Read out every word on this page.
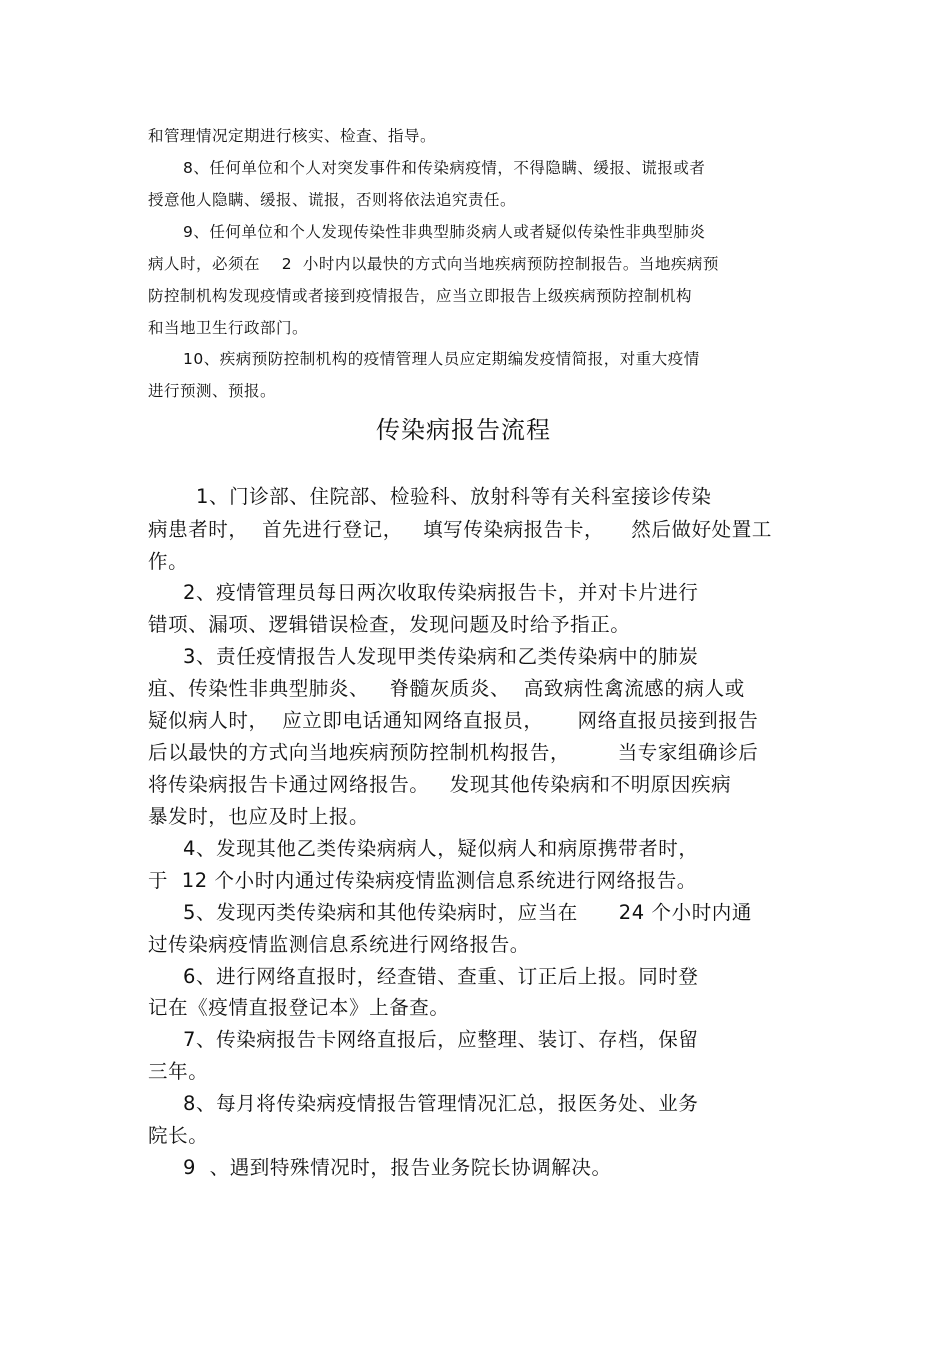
和管理情况定期进行核实、检查、指导。
8、任何单位和个人对突发事件和传染病疫情，不得隐瞒、缓报、谎报或者
授意他人隐瞒、缓报、谎报，否则将依法追究责任。
9、任何单位和个人发现传染性非典型肺炎病人或者疑似传染性非典型肺炎
病人时，必须在    2  小时内以最快的方式向当地疾病预防控制报告。当地疾病预
防控制机构发现疫情或者接到疫情报告，应当立即报告上级疾病预防控制机构
和当地卫生行政部门。
10、疾病预防控制机构的疫情管理人员应定期编发疫情简报，对重大疫情
进行预测、预报。
传染病报告流程
1、门诊部、住院部、检验科、放射科等有关科室接诊传染
病患者时，  首先进行登记，   填写传染病报告卡，    然后做好处置工
作。
2、疫情管理员每日两次收取传染病报告卡，并对卡片进行
错项、漏项、逻辑错误检查，发现问题及时给予指正。
3、责任疫情报告人发现甲类传染病和乙类传染病中的肺炭
疽、传染性非典型肺炎、   脊髓灰质炎、  高致病性禽流感的病人或
疑似病人时，  应立即电话通知网络直报员，     网络直报员接到报告
后以最快的方式向当地疾病预防控制机构报告，       当专家组确诊后
将传染病报告卡通过网络报告。   发现其他传染病和不明原因疾病
暴发时，也应及时上报。
4、发现其他乙类传染病病人，疑似病人和病原携带者时，
于  12 个小时内通过传染病疫情监测信息系统进行网络报告。
5、发现丙类传染病和其他传染病时，应当在      24 个小时内通
过传染病疫情监测信息系统进行网络报告。
6、进行网络直报时，经查错、查重、订正后上报。同时登
记在《疫情直报登记本》上备查。
7、传染病报告卡网络直报后，应整理、装订、存档，保留
三年。
8、每月将传染病疫情报告管理情况汇总，报医务处、业务
院长。
9  、遇到特殊情况时，报告业务院长协调解决。
